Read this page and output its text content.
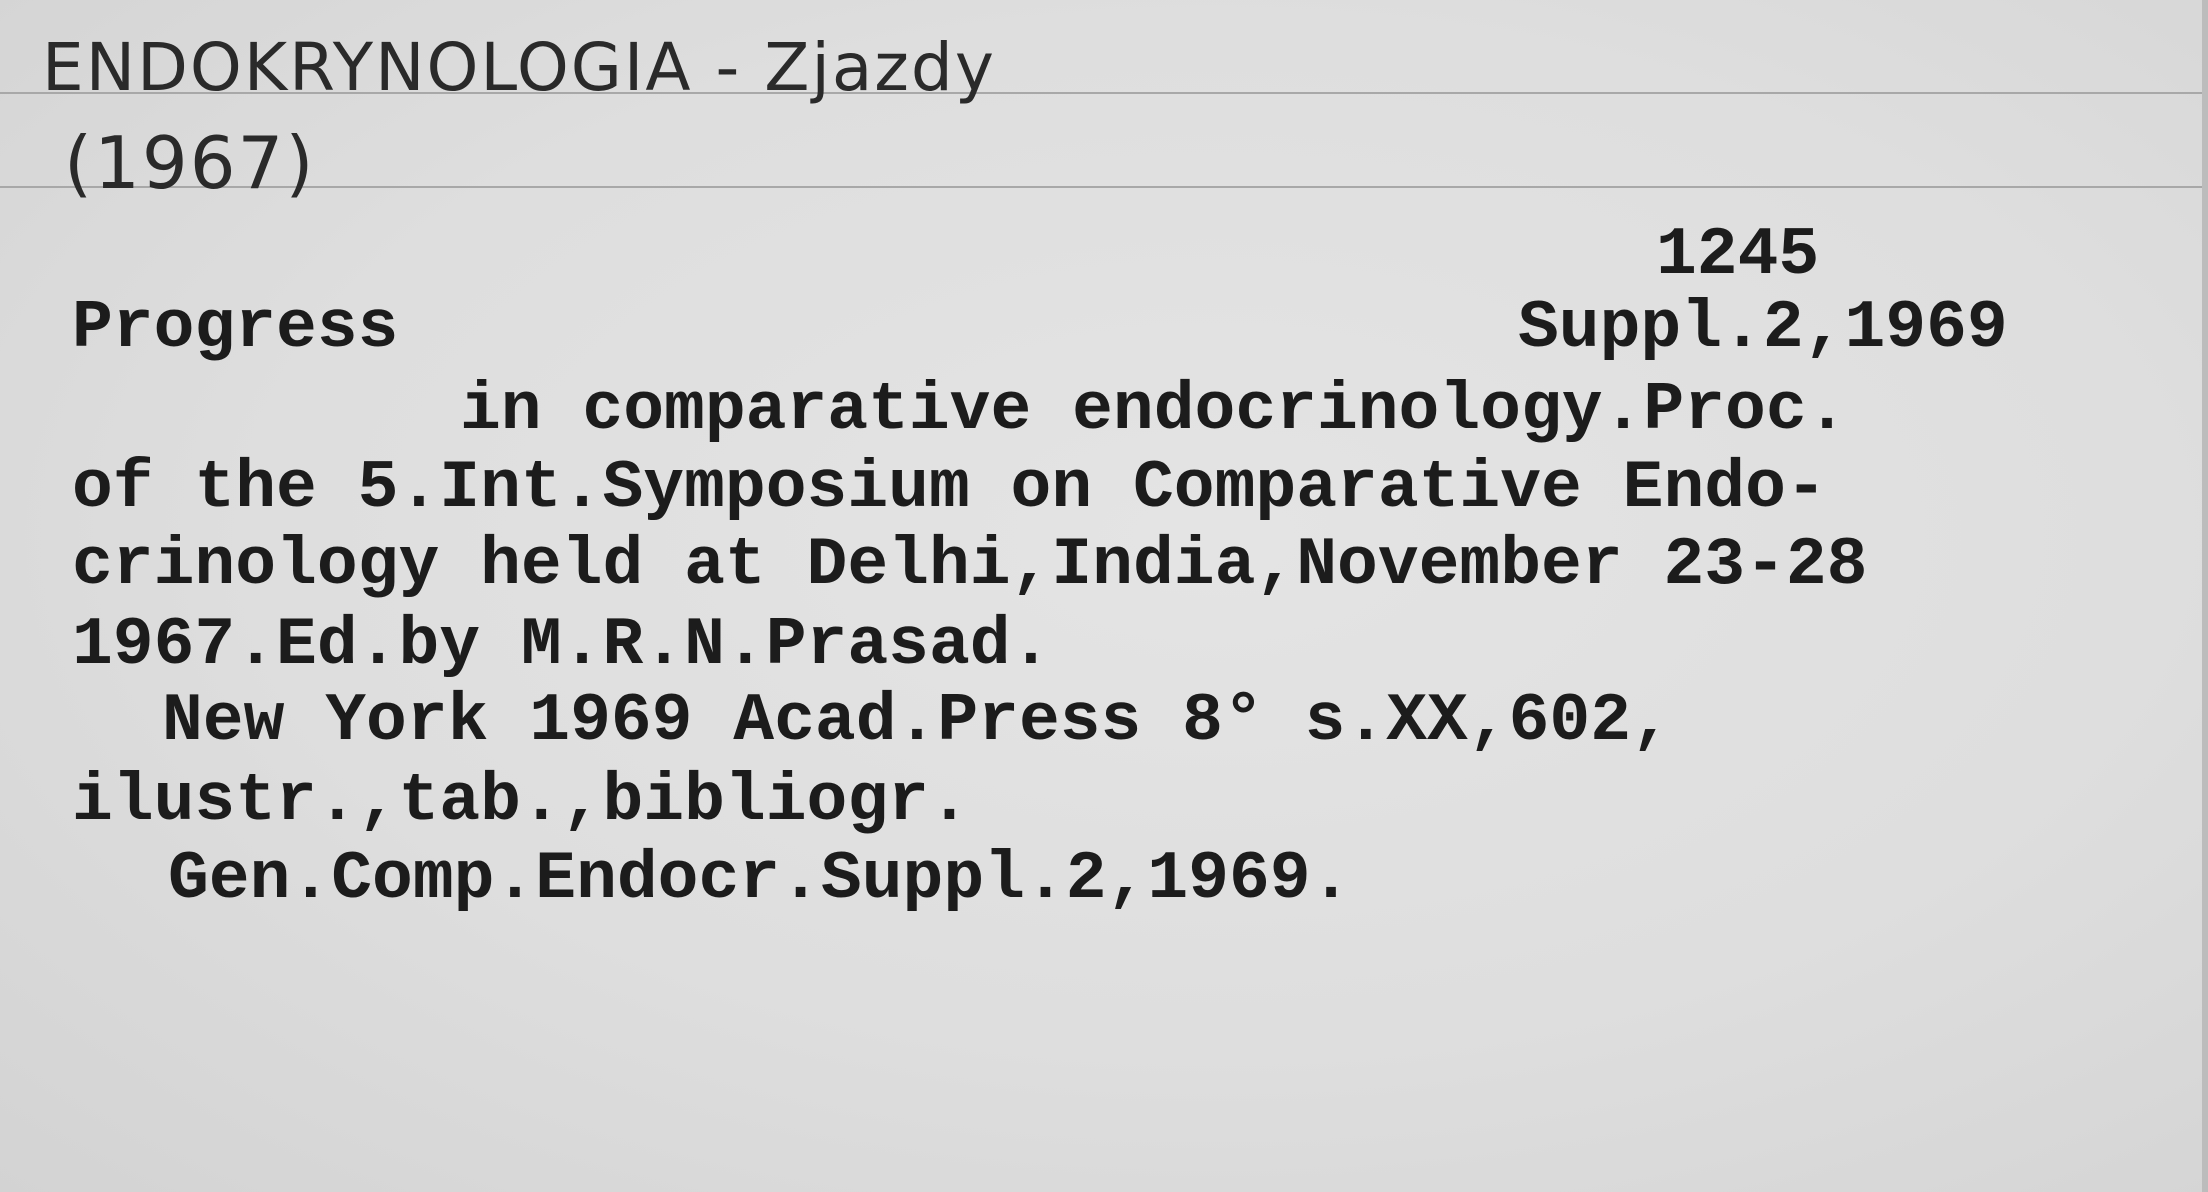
ENDOKRYNOLOGIA - Zjazdy
(1967)
1245
Progress	Suppl.2,1969
in comparative endocrinology.Proc.
of the 5.Int.Symposium on Comparative Endo-
crinology held at Delhi,India,November 23-28
1967.Ed.by M.R.N.Prasad.
New York 1969 Acad.Press 8° s.XX,602,
ilustr.,tab.,bibliogr.
Gen.Comp.Endocr.Suppl.2,1969.
